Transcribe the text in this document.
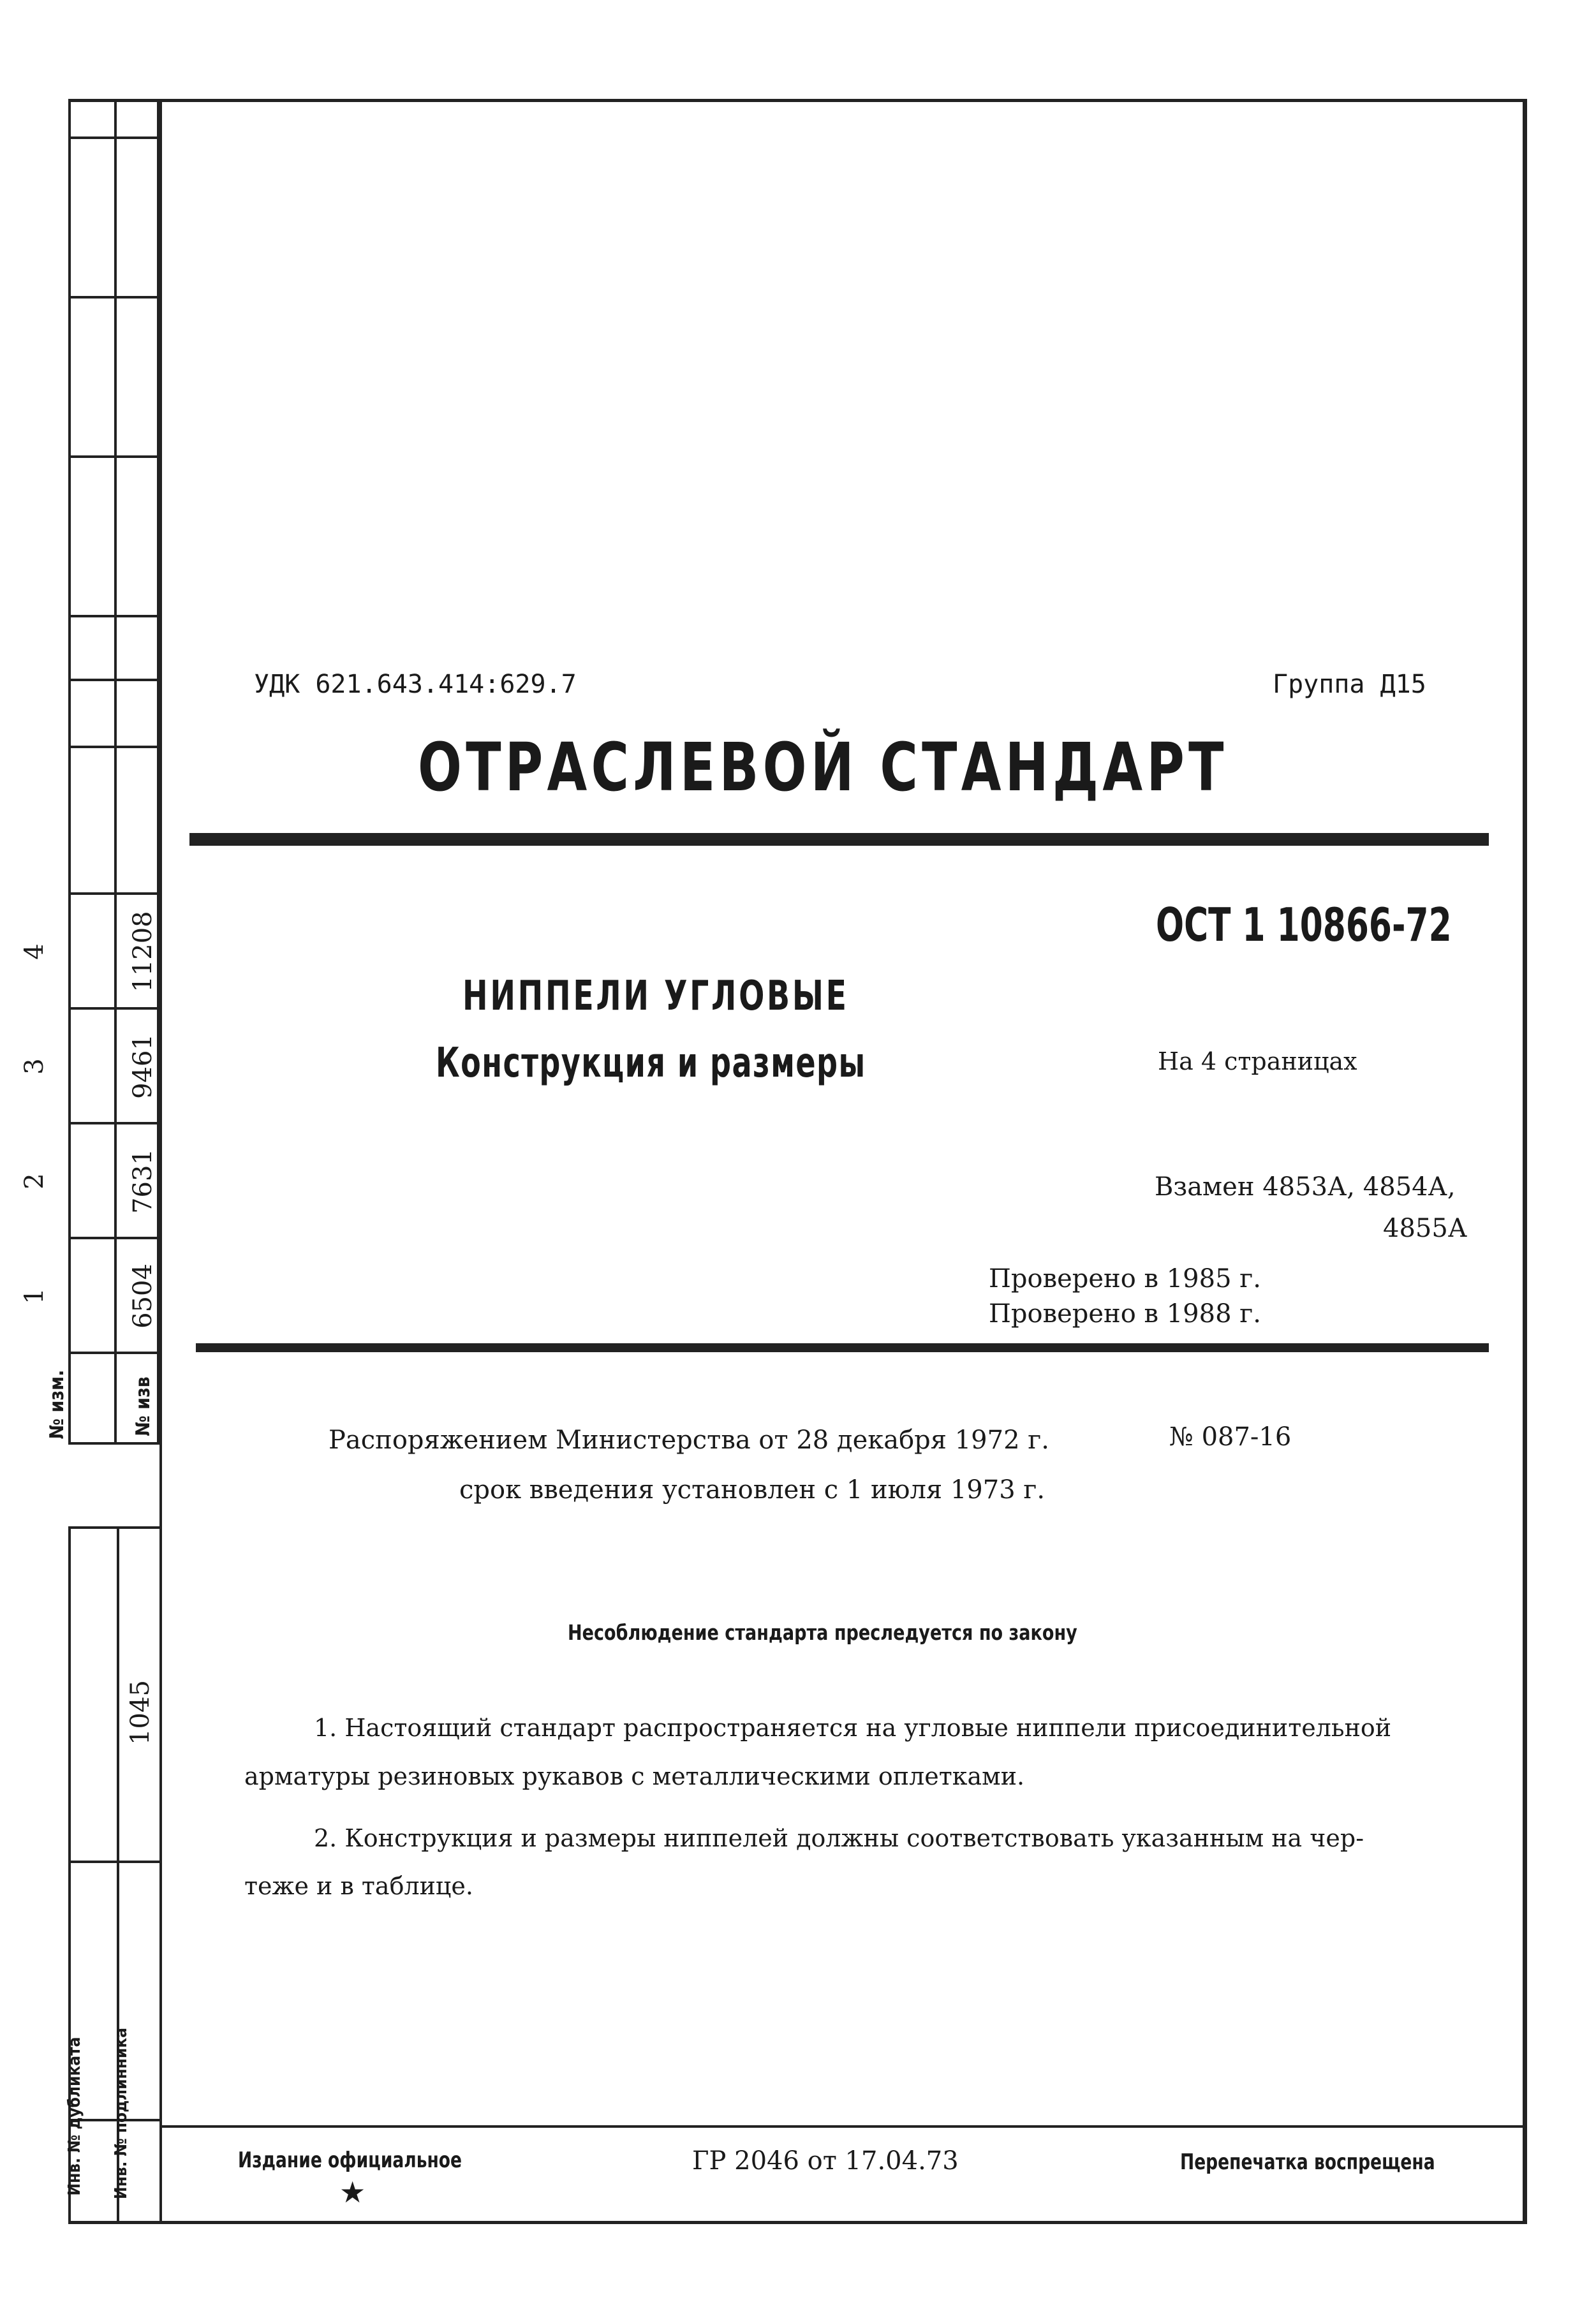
4
3
2
1
№ изм.
11208
9461
7631
6504
№ изв
1045
Инв. № дубликата Инв. № подлинника
УДК 621.643.414:629.7	Группа Д15
ОТРАСЛЕВОЙ СТАНДАРТ
ОСТ 1 10866-72
НИППЕЛИ УГЛОВЫЕ
Конструкция и размеры	На 4 страницах
Взамен 4853А, 4854А,
4855А
Проверено в 1985 г.
Проверено в 1988 г.
Распоряжением Министерства от 28 декабря 1972 г.	№ 087-16
срок введения установлен с 1 июля 1973 г.
Несоблюдение стандарта преследуется по закону
1. Настоящий стандарт распространяется на угловые ниппели присоединительной
арматуры резиновых рукавов с металлическими оплетками.
2. Конструкция и размеры ниппелей должны соответствовать указанным на чер-
теже и в таблице.
Издание официальное
★
ГР 2046 от 17.04.73	Перепечатка воспрещена
